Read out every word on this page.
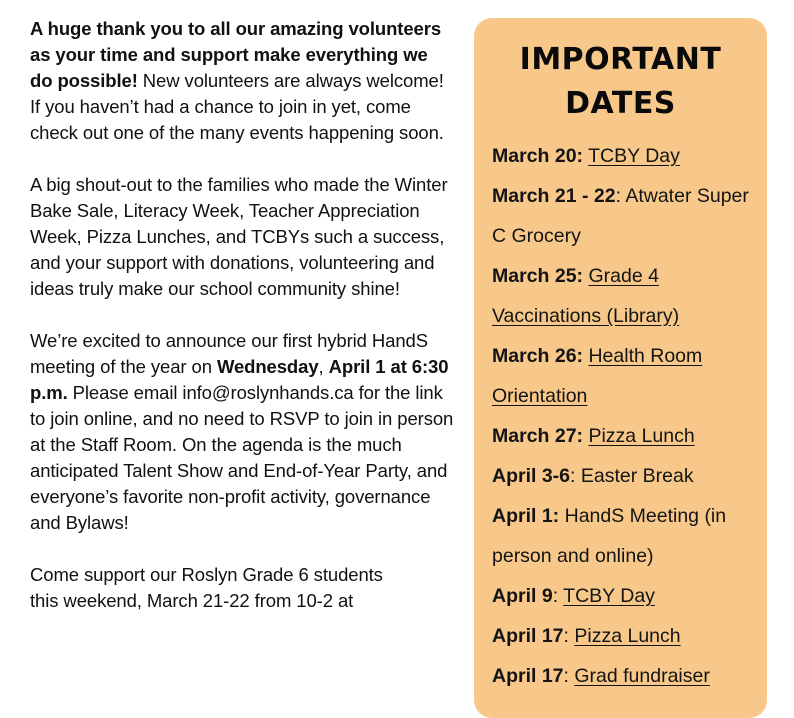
A huge thank you to all our amazing volunteers as your time and support make everything we do possible! New volunteers are always welcome! If you haven’t had a chance to join in yet, come check out one of the many events happening soon.

A big shout-out to the families who made the Winter Bake Sale, Literacy Week, Teacher Appreciation Week, Pizza Lunches, and TCBYs such a success, and your support with donations, volunteering and ideas truly make our school community shine!

We’re excited to announce our first hybrid HandS meeting of the year on Wednesday, April 1 at 6:30 p.m. Please email info@roslynhands.ca for the link to join online, and no need to RSVP to join in person at the Staff Room. On the agenda is the much anticipated Talent Show and End-of-Year Party, and everyone’s favorite non-profit activity, governance and Bylaws!

Come support our Roslyn Grade 6 students
this weekend, March 21-22 from 10-2 at

IMPORTANT
DATES
March 20: TCBY Day
March 21 - 22: Atwater Super C Grocery
March 25: Grade 4 Vaccinations (Library)
March 26: Health Room Orientation
March 27: Pizza Lunch
April 3-6: Easter Break
April 1: HandS Meeting (in person and online)
April 9: TCBY Day
April 17: Pizza Lunch
April 17: Grad fundraiser
